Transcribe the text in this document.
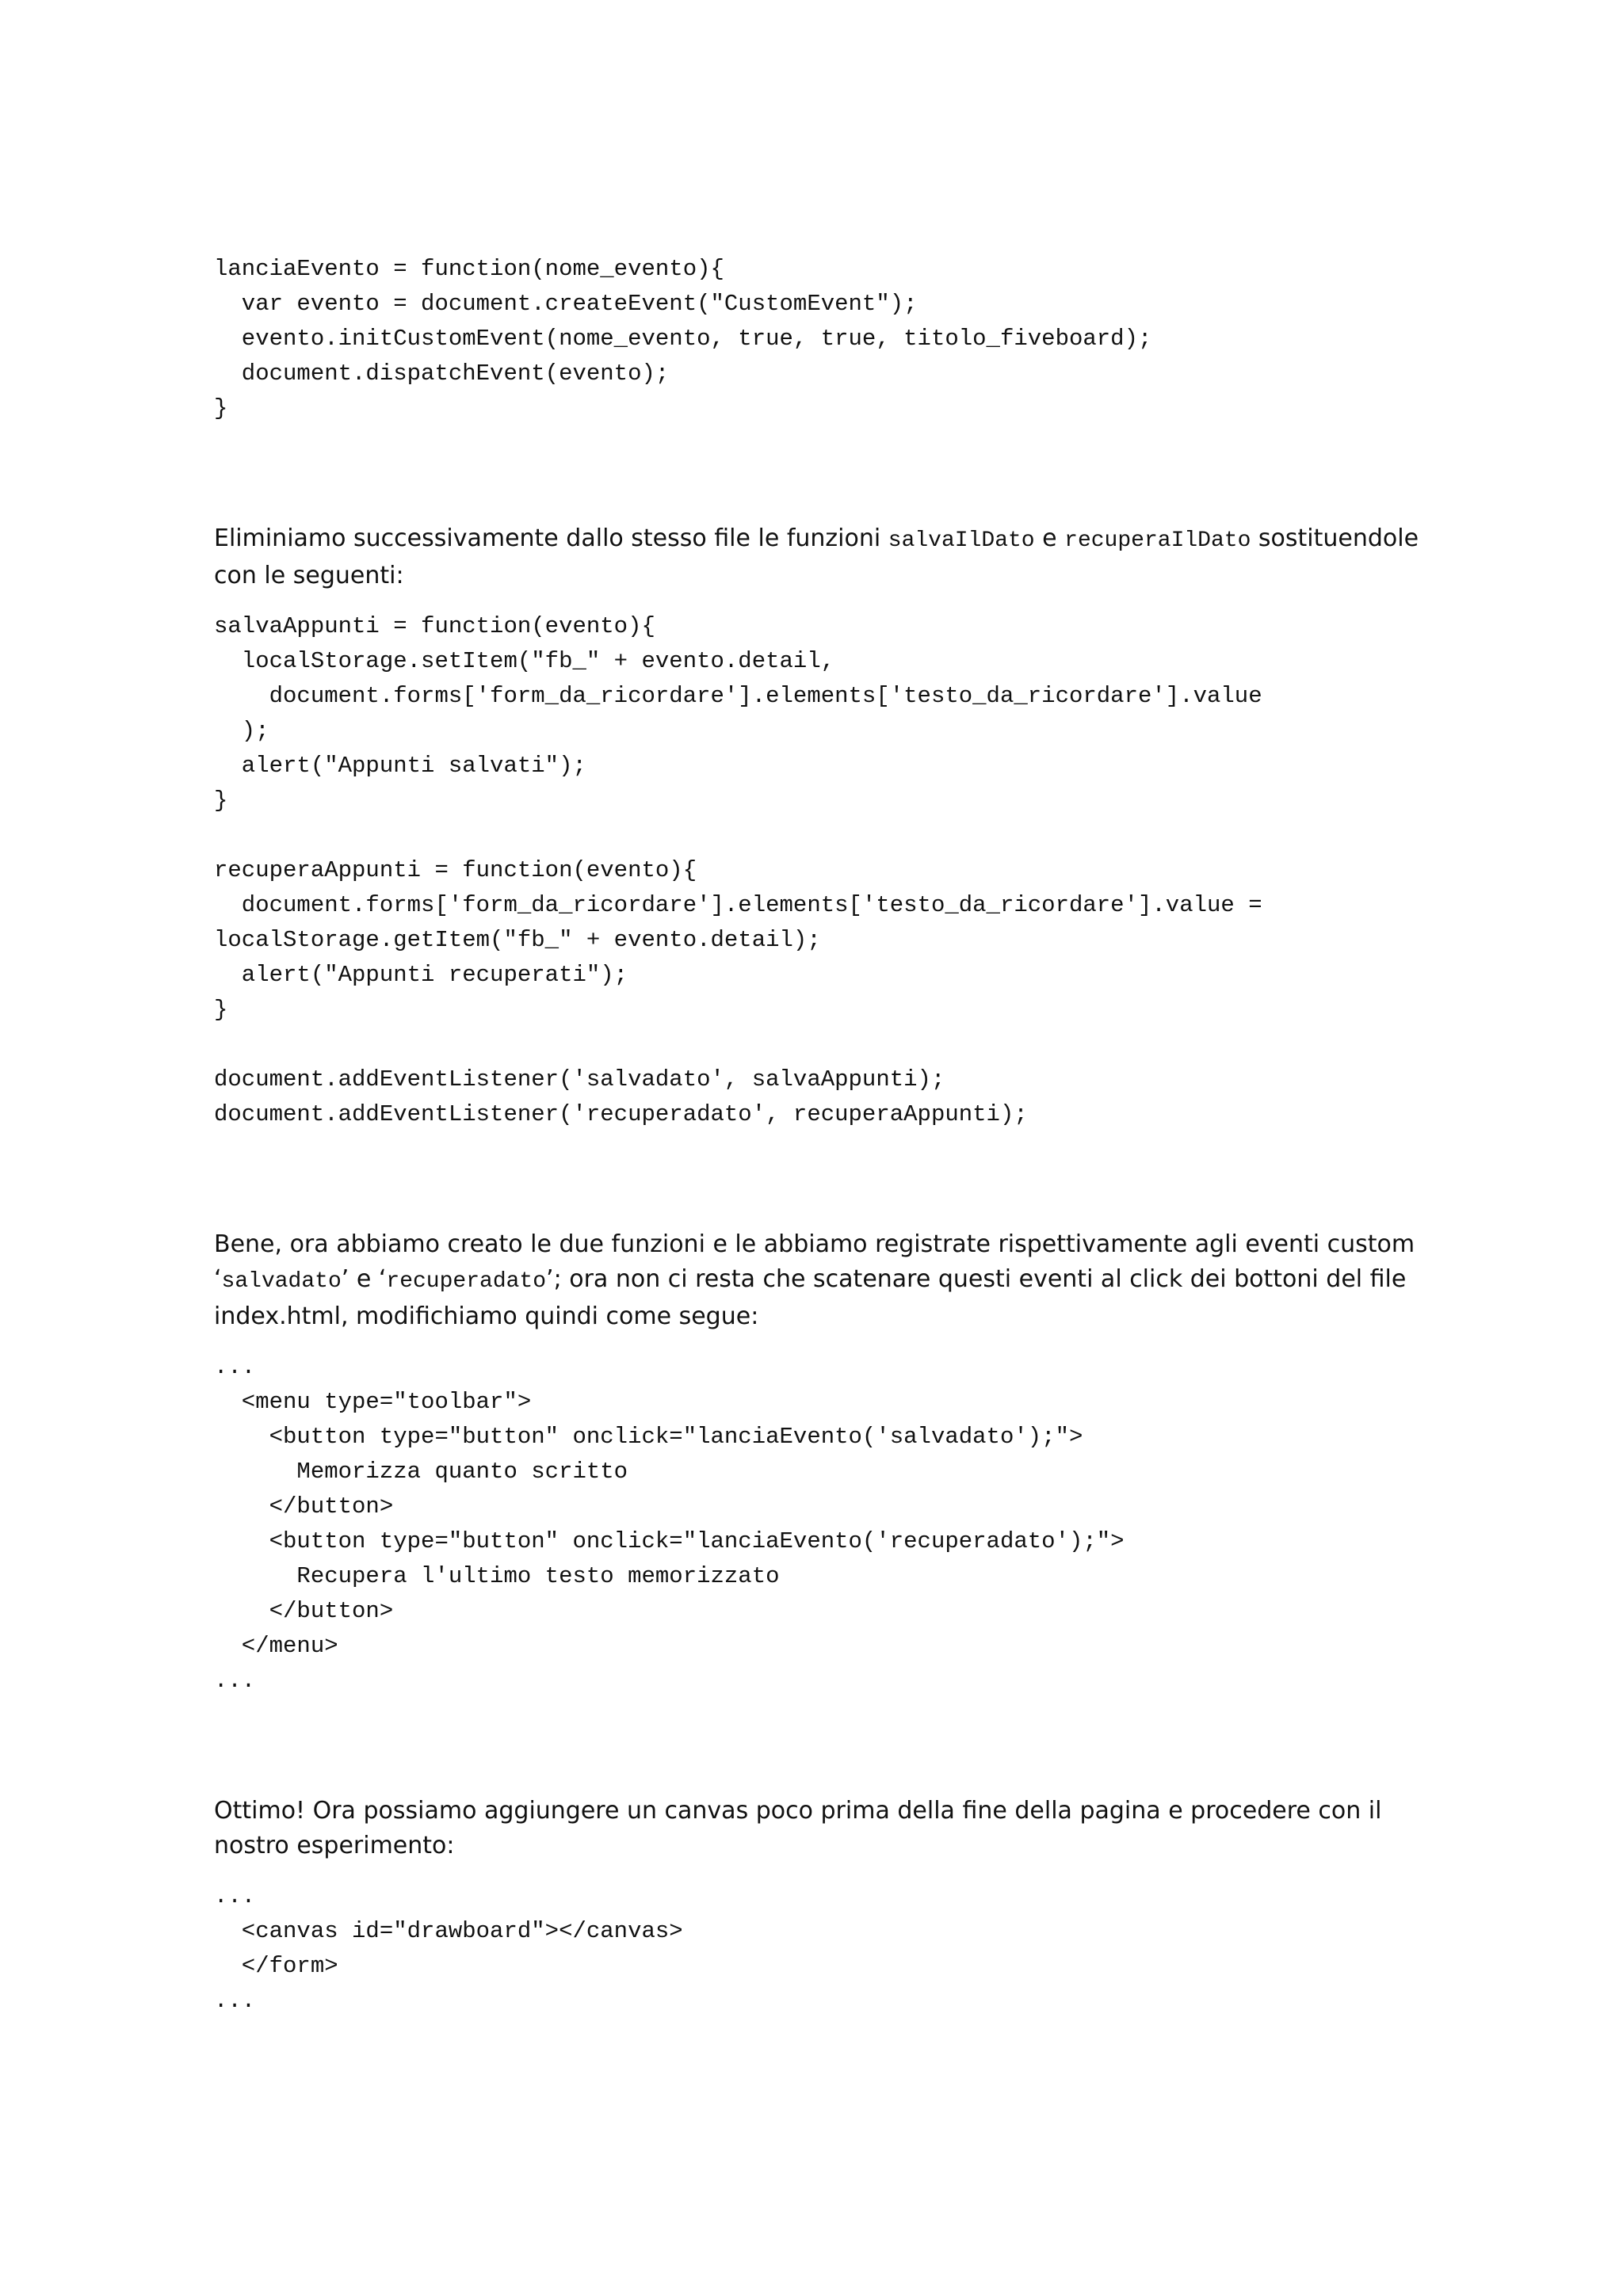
lanciaEvento = function(nome_evento){
var evento = document.createEvent("CustomEvent");
evento.initCustomEvent(nome_evento, true, true, titolo_fiveboard);
document.dispatchEvent(evento);
}

Eliminiamo successivamente dallo stesso file le funzioni salvaIlDato e recuperaIlDato sostituendole con le seguenti:

salvaAppunti = function(evento){
localStorage.setItem("fb_" + evento.detail,
document.forms['form_da_ricordare'].elements['testo_da_ricordare'].value
);
alert("Appunti salvati");
}

recuperaAppunti = function(evento){
document.forms['form_da_ricordare'].elements['testo_da_ricordare'].value =
localStorage.getItem("fb_" + evento.detail);
alert("Appunti recuperati");
}

document.addEventListener('salvadato', salvaAppunti);
document.addEventListener('recuperadato', recuperaAppunti);

Bene, ora abbiamo creato le due funzioni e le abbiamo registrate rispettivamente agli eventi custom ‘salvadato’ e ‘recuperadato’; ora non ci resta che scatenare questi eventi al click dei bottoni del file index.html, modifichiamo quindi come segue:

...
<menu type="toolbar">
<button type="button" onclick="lanciaEvento('salvadato');">
Memorizza quanto scritto
</button>
<button type="button" onclick="lanciaEvento('recuperadato');">
Recupera l'ultimo testo memorizzato
</button>
</menu>
...

Ottimo! Ora possiamo aggiungere un canvas poco prima della fine della pagina e procedere con il nostro esperimento:

...
<canvas id="drawboard"></canvas>
</form>
...
